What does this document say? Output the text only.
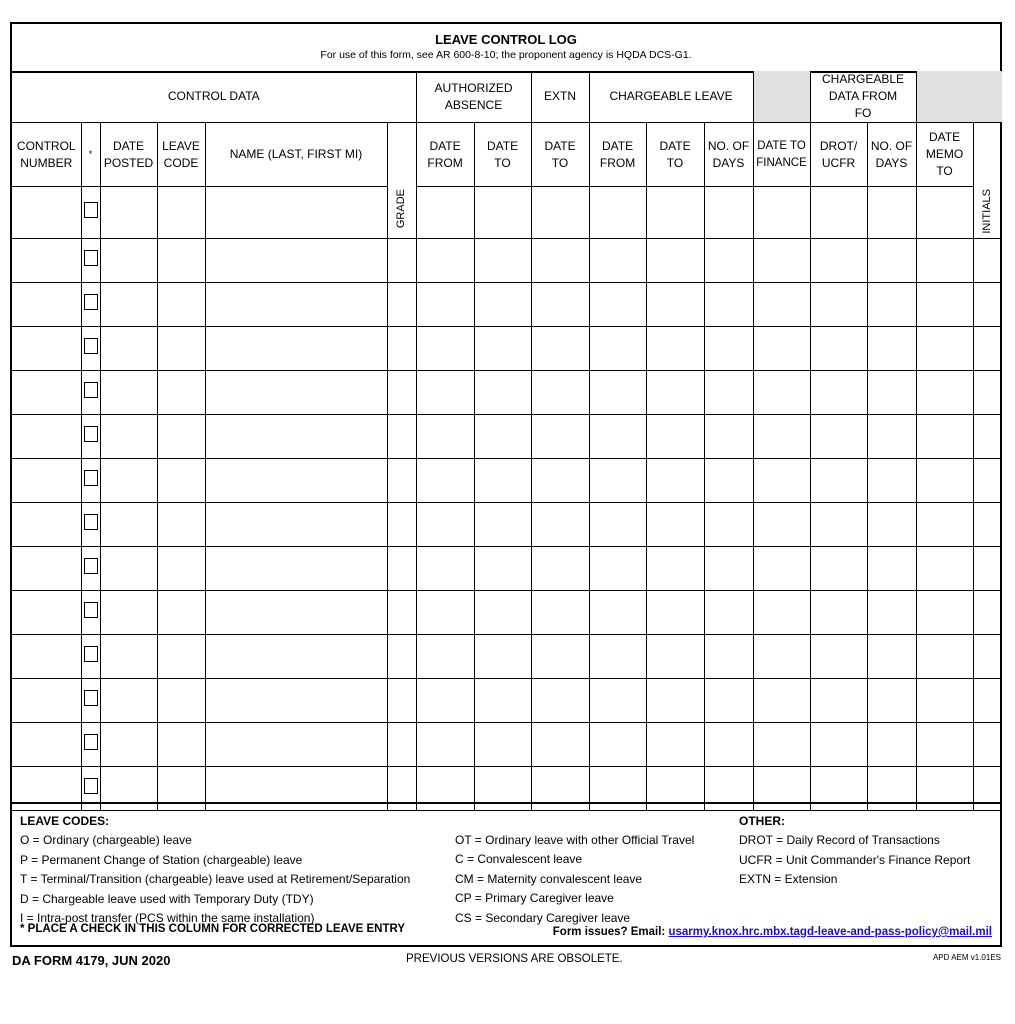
LEAVE CONTROL LOG
For use of this form, see AR 600-8-10; the proponent agency is HQDA DCS-G1.
CONTROL DATA						AUTHORIZED ABSENCE		EXTN	CHARGEABLE LEAVE				CHARGEABLE DATA FROM FO			
CONTROL NUMBER	*	DATE POSTED	LEAVE CODE	NAME (LAST, FIRST MI)		DATE FROM	DATE TO	DATE TO	DATE FROM	DATE TO	NO. OF DAYS	DATE TO FINANCE	DROT/ UCFR	NO. OF DAYS	DATE MEMO TO	
					GRADE											INITIALS

LEAVE CODES:
O = Ordinary (chargeable) leave
P = Permanent Change of Station (chargeable) leave
T = Terminal/Transition (chargeable) leave used at Retirement/Separation
D = Chargeable leave used with Temporary Duty (TDY)
I = Intra-post transfer (PCS within the same installation)
OT = Ordinary leave with other Official Travel
C = Convalescent leave
CM = Maternity convalescent leave
CP = Primary Caregiver leave
CS = Secondary Caregiver leave
OTHER:
DROT = Daily Record of Transactions
UCFR = Unit Commander's Finance Report
EXTN = Extension
* PLACE A CHECK IN THIS COLUMN FOR CORRECTED LEAVE ENTRY	Form issues? Email: usarmy.knox.hrc.mbx.tagd-leave-and-pass-policy@mail.mil
DA FORM 4179, JUN 2020	PREVIOUS VERSIONS ARE OBSOLETE.	APD AEM v1.01ES
